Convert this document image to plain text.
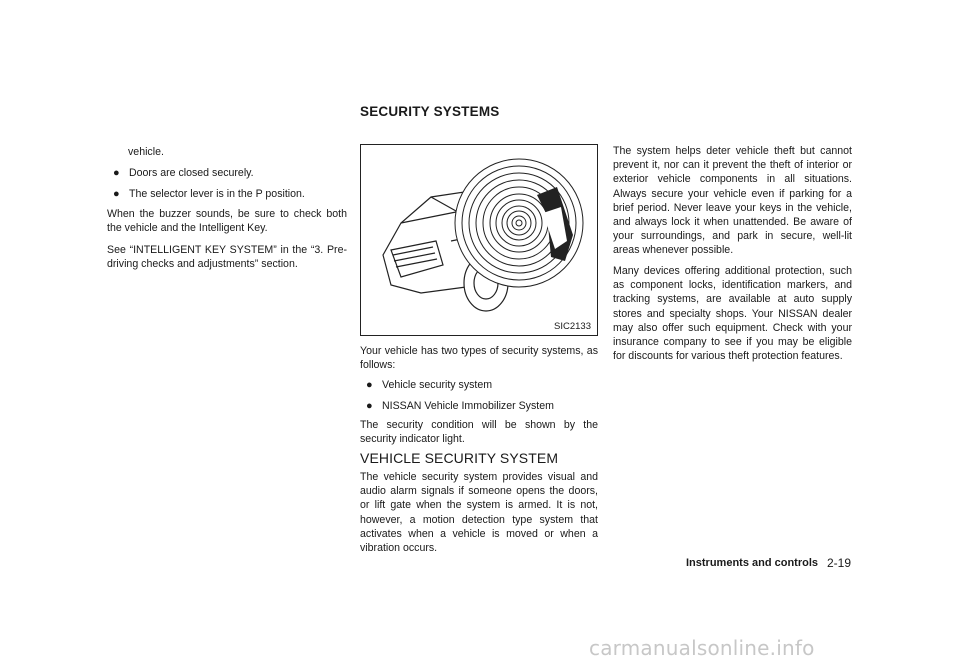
SECURITY SYSTEMS

vehicle.

● Doors are closed securely.
● The selector lever is in the P position.

When the buzzer sounds, be sure to check both the vehicle and the Intelligent Key.

See “INTELLIGENT KEY SYSTEM” in the “3. Pre-driving checks and adjustments” section.

SIC2133

Your vehicle has two types of security systems, as follows:

● Vehicle security system
● NISSAN Vehicle Immobilizer System

The security condition will be shown by the security indicator light.

VEHICLE SECURITY SYSTEM

The vehicle security system provides visual and audio alarm signals if someone opens the doors, or lift gate when the system is armed. It is not, however, a motion detection type system that activates when a vehicle is moved or when a vibration occurs.

The system helps deter vehicle theft but cannot prevent it, nor can it prevent the theft of interior or exterior vehicle components in all situations. Always secure your vehicle even if parking for a brief period. Never leave your keys in the vehicle, and always lock it when unattended. Be aware of your surroundings, and park in secure, well-lit areas whenever possible.

Many devices offering additional protection, such as component locks, identification markers, and tracking systems, are available at auto supply stores and specialty shops. Your NISSAN dealer may also offer such equipment. Check with your insurance company to see if you may be eligible for discounts for various theft protection features.

Instruments and controls 2-19
carmanualsonline.info
